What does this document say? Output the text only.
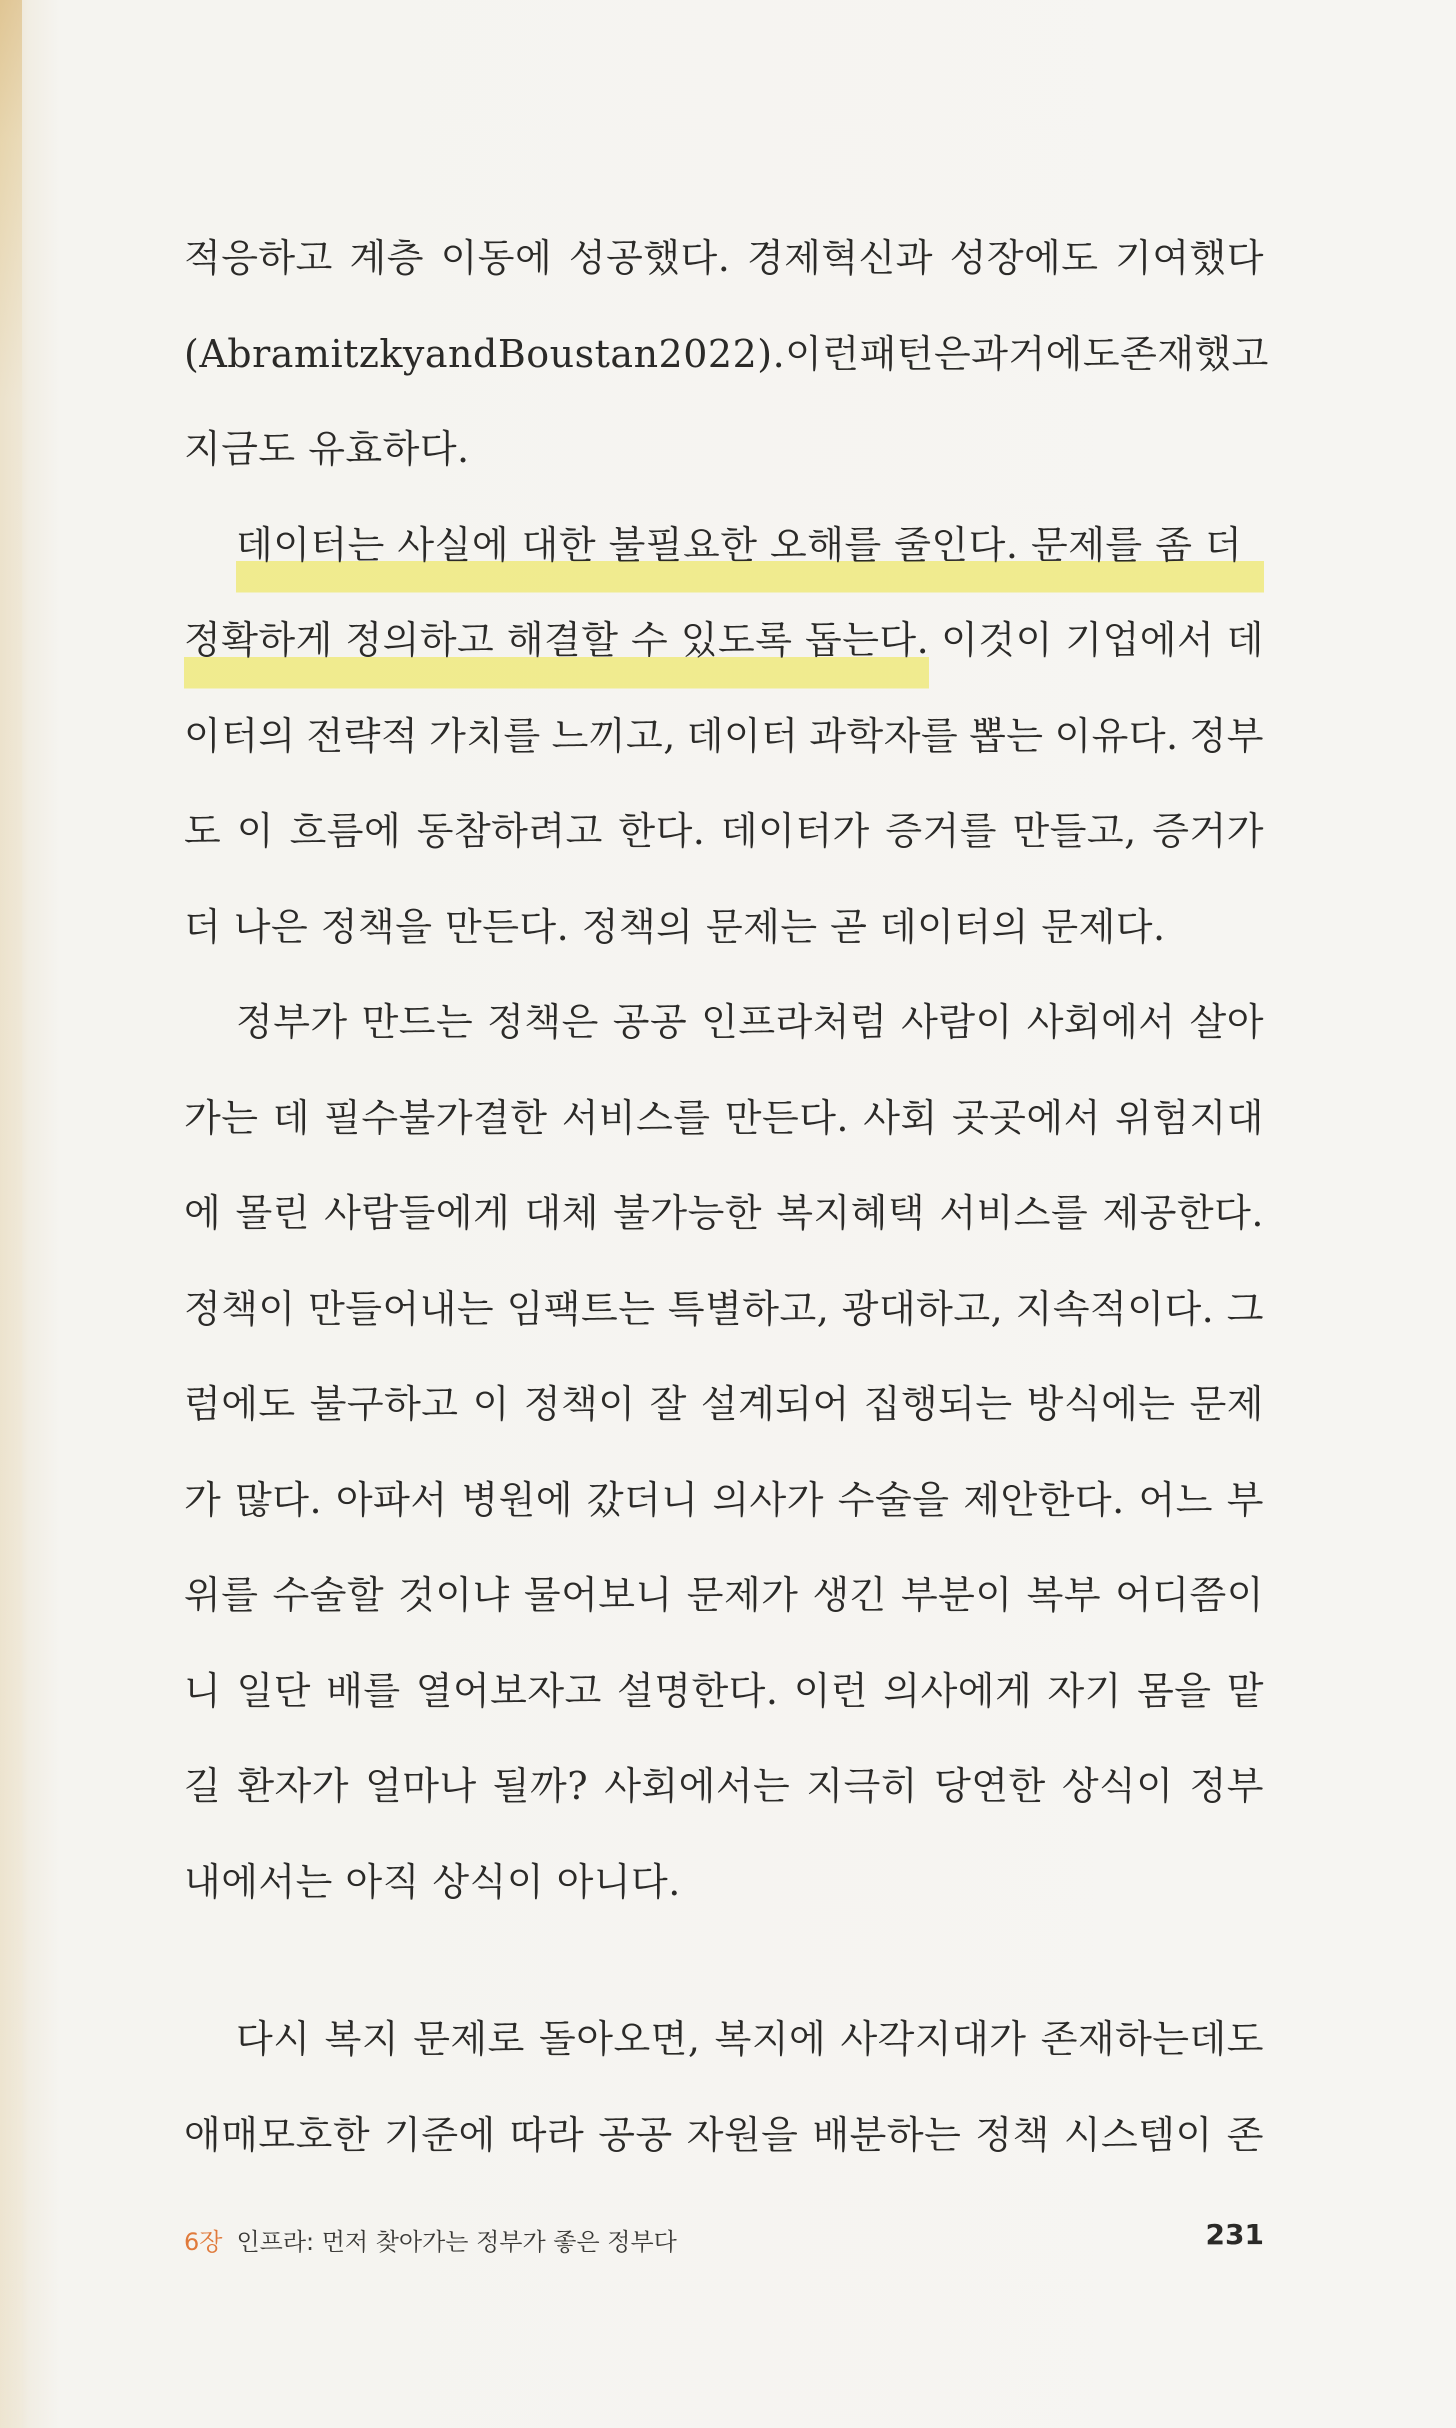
적응하고 계층 이동에 성공했다. 경제혁신과 성장에도 기여했다
(Abramitzky and Boustan 2022). 이런 패턴은 과거에도 존재했고
지금도 유효하다.
데이터는 사실에 대한 불필요한 오해를 줄인다. 문제를 좀 더
정확하게 정의하고 해결할 수 있도록 돕는다. 이것이 기업에서 데
이터의 전략적 가치를 느끼고, 데이터 과학자를 뽑는 이유다. 정부
도 이 흐름에 동참하려고 한다. 데이터가 증거를 만들고, 증거가
더 나은 정책을 만든다. 정책의 문제는 곧 데이터의 문제다.
정부가 만드는 정책은 공공 인프라처럼 사람이 사회에서 살아
가는 데 필수불가결한 서비스를 만든다. 사회 곳곳에서 위험지대
에 몰린 사람들에게 대체 불가능한 복지혜택 서비스를 제공한다.
정책이 만들어내는 임팩트는 특별하고, 광대하고, 지속적이다. 그
럼에도 불구하고 이 정책이 잘 설계되어 집행되는 방식에는 문제
가 많다. 아파서 병원에 갔더니 의사가 수술을 제안한다. 어느 부
위를 수술할 것이냐 물어보니 문제가 생긴 부분이 복부 어디쯤이
니 일단 배를 열어보자고 설명한다. 이런 의사에게 자기 몸을 맡
길 환자가 얼마나 될까? 사회에서는 지극히 당연한 상식이 정부
내에서는 아직 상식이 아니다.
다시 복지 문제로 돌아오면, 복지에 사각지대가 존재하는데도
애매모호한 기준에 따라 공공 자원을 배분하는 정책 시스템이 존
6장 인프라: 먼저 찾아가는 정부가 좋은 정부다	231
